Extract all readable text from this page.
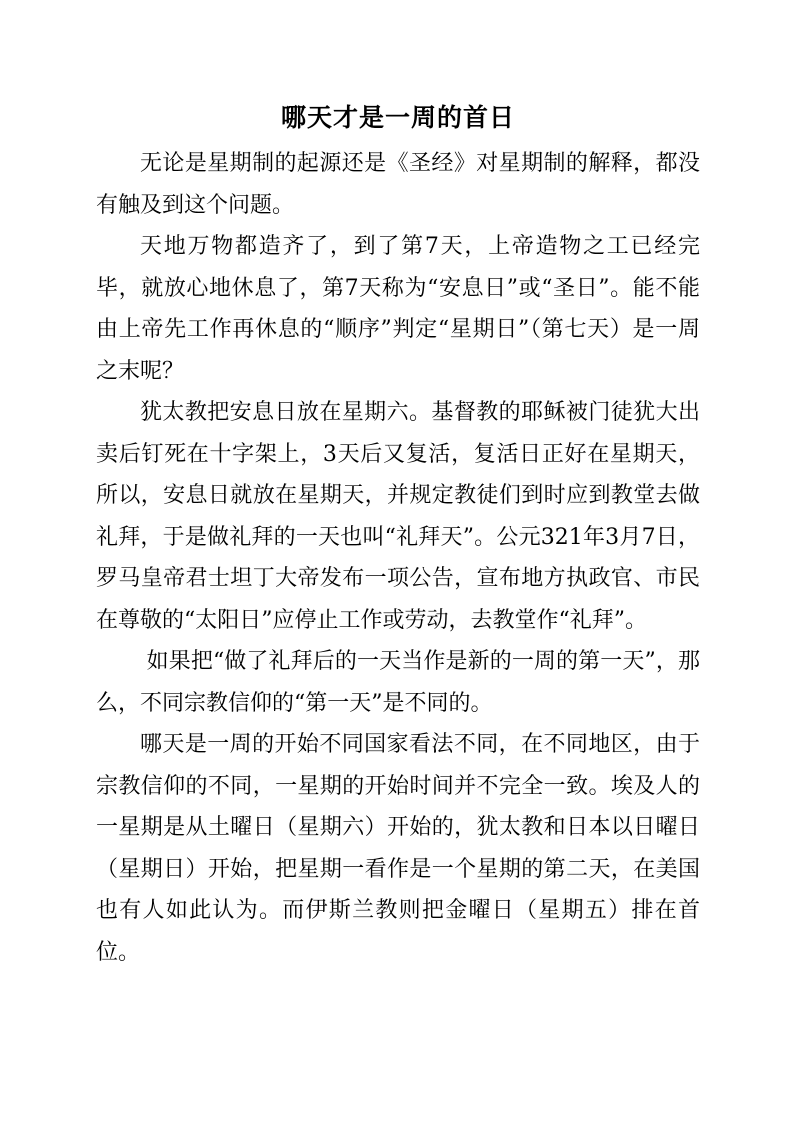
哪天才是一周的首日

无论是星期制的起源还是《圣经》对星期制的解释，都没有触及到这个问题。

天地万物都造齐了，到了第7天，上帝造物之工已经完毕，就放心地休息了，第7天称为“安息日”或“圣日”。能不能由上帝先工作再休息的“顺序”判定“星期日”（第七天）是一周之末呢？

犹太教把安息日放在星期六。基督教的耶稣被门徒犹大出卖后钉死在十字架上，3天后又复活，复活日正好在星期天，所以，安息日就放在星期天，并规定教徒们到时应到教堂去做礼拜，于是做礼拜的一天也叫“礼拜天”。公元321年3月7日，罗马皇帝君士坦丁大帝发布一项公告，宣布地方执政官、市民在尊敬的“太阳日”应停止工作或劳动，去教堂作“礼拜”。

如果把“做了礼拜后的一天当作是新的一周的第一天”，那么，不同宗教信仰的“第一天”是不同的。

哪天是一周的开始不同国家看法不同，在不同地区，由于宗教信仰的不同，一星期的开始时间并不完全一致。埃及人的一星期是从土曜日（星期六）开始的，犹太教和日本以日曜日（星期日）开始，把星期一看作是一个星期的第二天，在美国也有人如此认为。而伊斯兰教则把金曜日（星期五）排在首位。
